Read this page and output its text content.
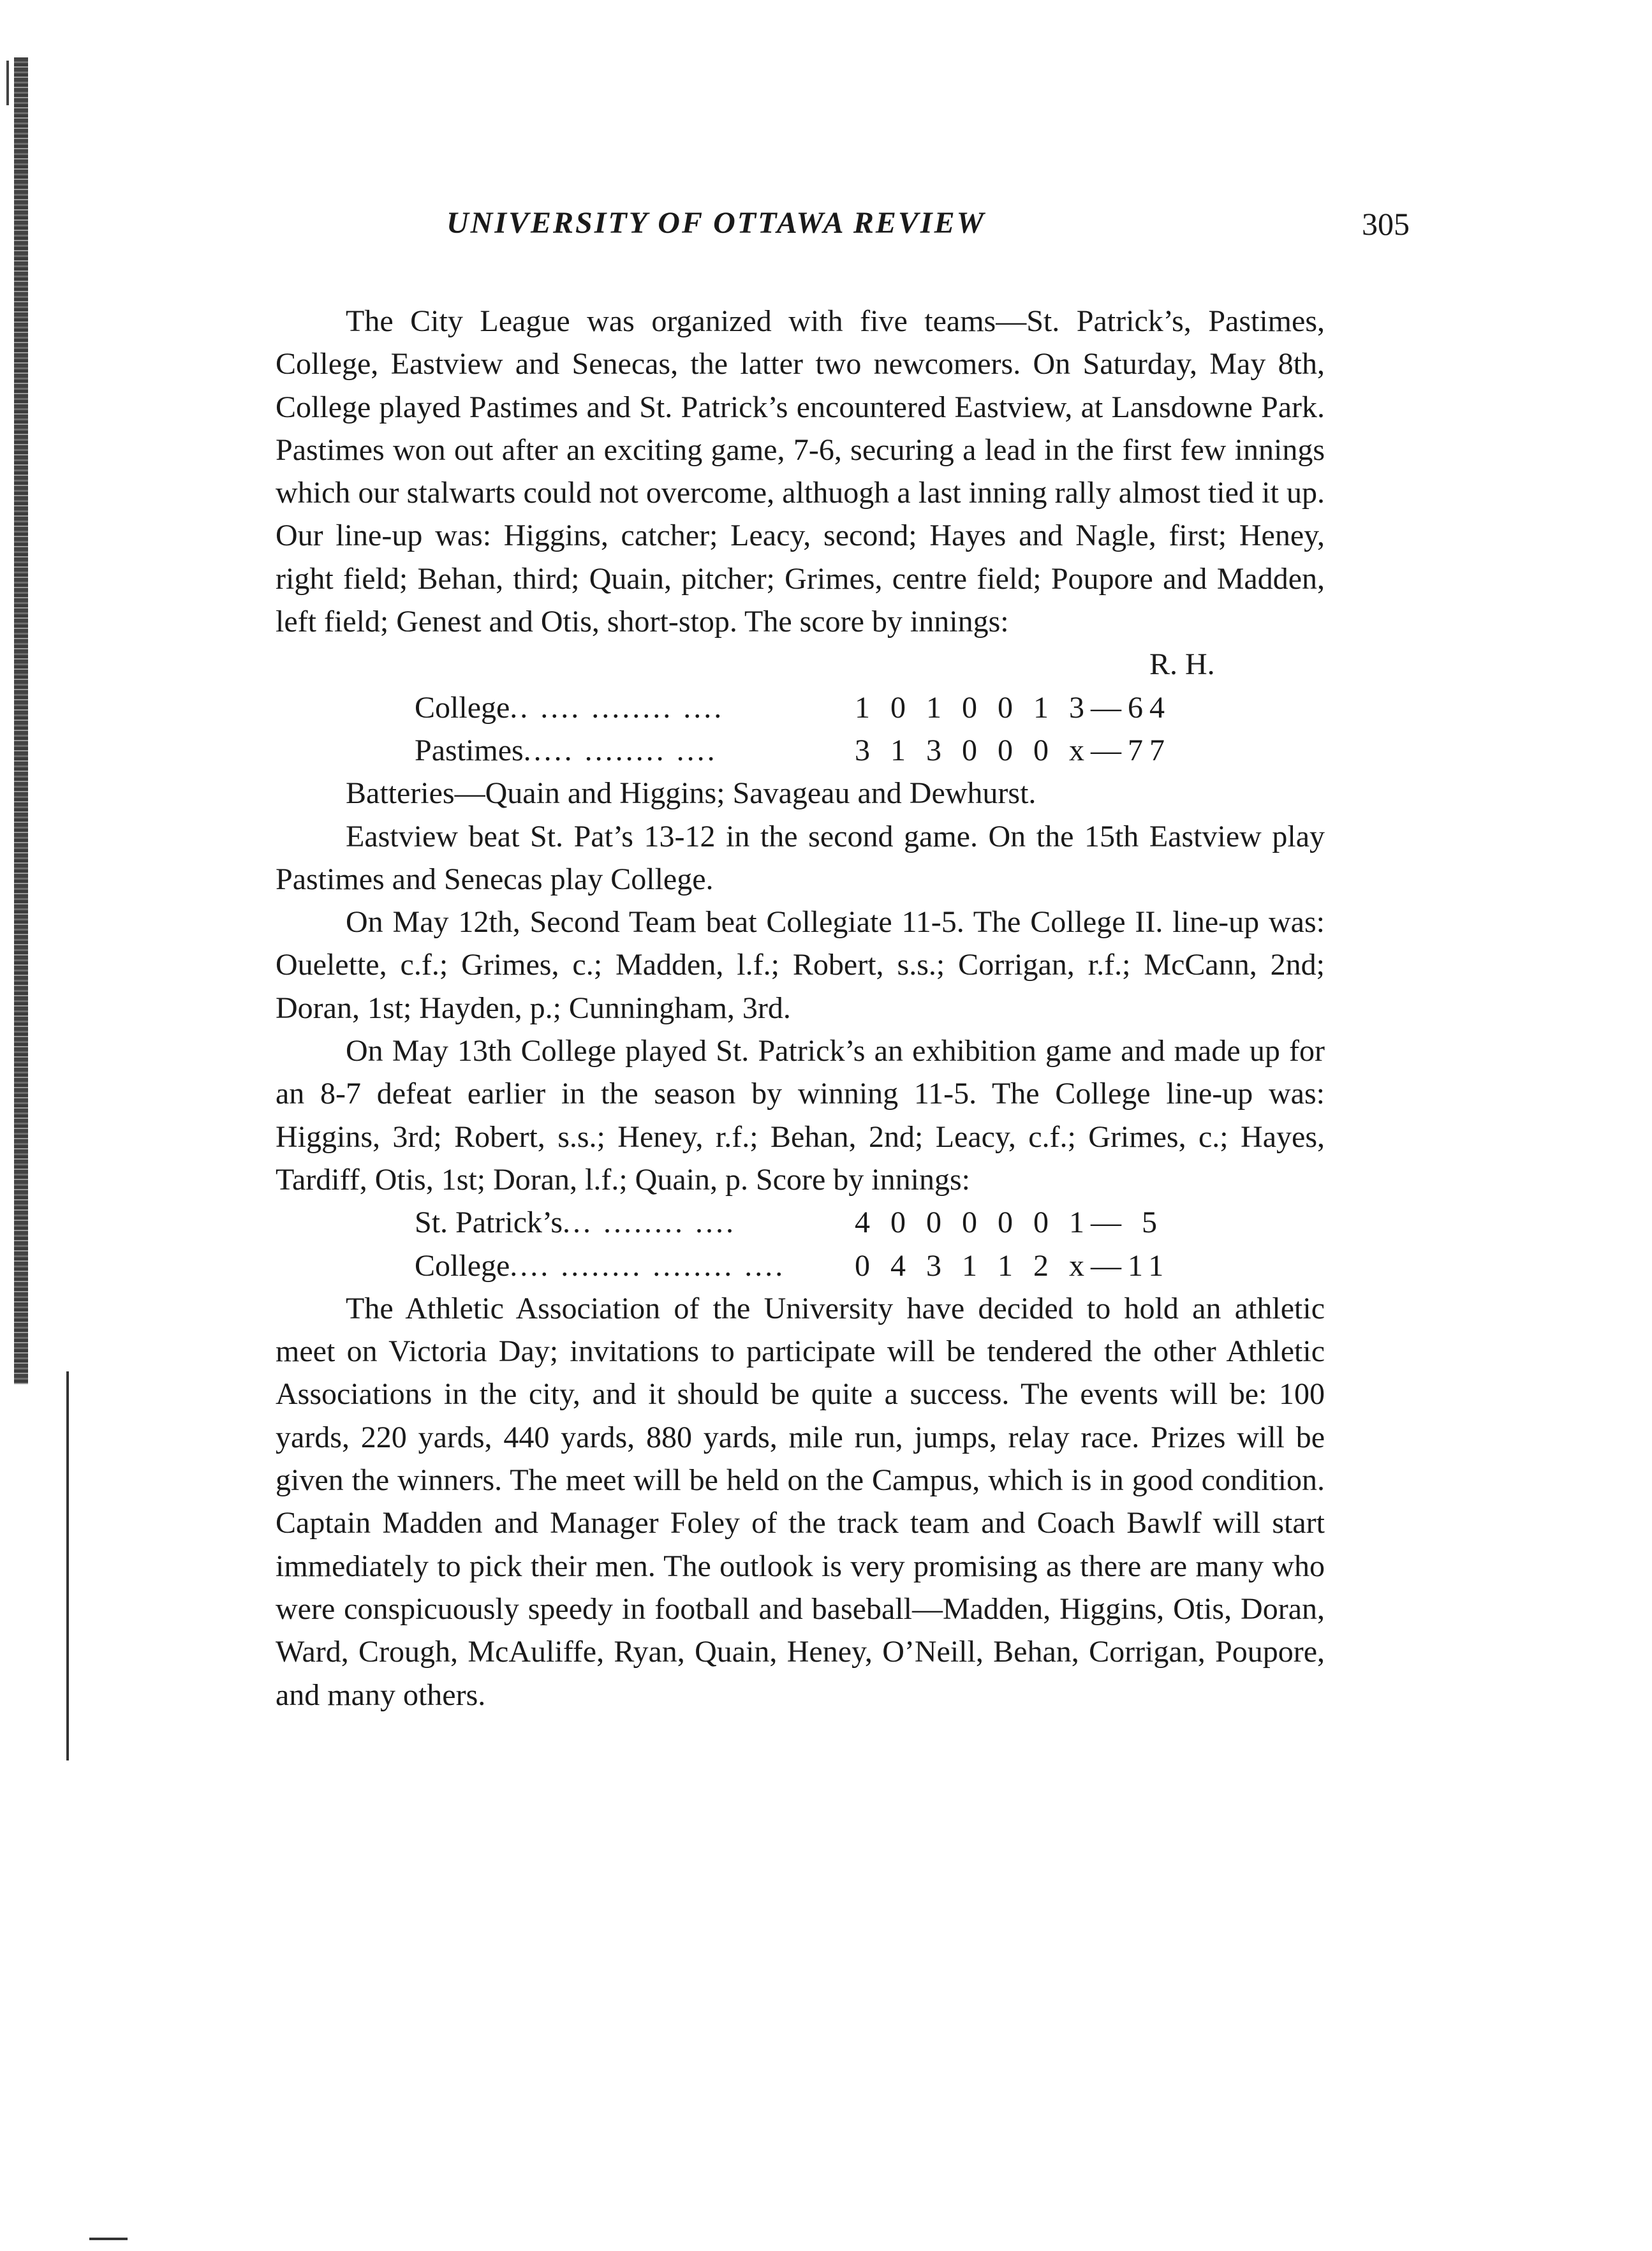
UNIVERSITY OF OTTAWA REVIEW	305

The City League was organized with five teams—St. Patrick’s, Pastimes, College, Eastview and Senecas, the latter two newcomers. On Saturday, May 8th, College played Pastimes and St. Patrick’s encountered Eastview, at Lansdowne Park. Pastimes won out after an exciting game, 7-6, securing a lead in the first few innings which our stalwarts could not overcome, althuogh a last inning rally almost tied it up. Our line-up was: Higgins, catcher; Leacy, second; Hayes and Nagle, first; Heney, right field; Behan, third; Quain, pitcher; Grimes, centre field; Poupore and Madden, left field; Genest and Otis, short-stop. The score by innings:

		R. H.
College.. .... ........ ....	1 0 1 0 0 1 3—6	4
Pastimes..... ........ ....	3 1 3 0 0 0 x—7	7

Batteries—Quain and Higgins; Savageau and Dewhurst.

Eastview beat St. Pat’s 13-12 in the second game. On the 15th Eastview play Pastimes and Senecas play College.

On May 12th, Second Team beat Collegiate 11-5. The College II. line-up was: Ouelette, c.f.; Grimes, c.; Madden, l.f.; Robert, s.s.; Corrigan, r.f.; McCann, 2nd; Doran, 1st; Hayden, p.; Cunningham, 3rd.

On May 13th College played St. Patrick’s an exhibition game and made up for an 8-7 defeat earlier in the season by winning 11-5. The College line-up was: Higgins, 3rd; Robert, s.s.; Heney, r.f.; Behan, 2nd; Leacy, c.f.; Grimes, c.; Hayes, Tardiff, Otis, 1st; Doran, l.f.; Quain, p. Score by innings:

St. Patrick’s... ........ ....	4 0 0 0 0 0 1— 5
College.... ........ ........ ....	0 4 3 1 1 2 x—11

The Athletic Association of the University have decided to hold an athletic meet on Victoria Day; invitations to participate will be tendered the other Athletic Associations in the city, and it should be quite a success. The events will be: 100 yards, 220 yards, 440 yards, 880 yards, mile run, jumps, relay race. Prizes will be given the winners. The meet will be held on the Campus, which is in good condition. Captain Madden and Manager Foley of the track team and Coach Bawlf will start immediately to pick their men. The outlook is very promising as there are many who were conspicuously speedy in football and baseball—Madden, Higgins, Otis, Doran, Ward, Crough, McAuliffe, Ryan, Quain, Heney, O’Neill, Behan, Corrigan, Poupore, and many others.
